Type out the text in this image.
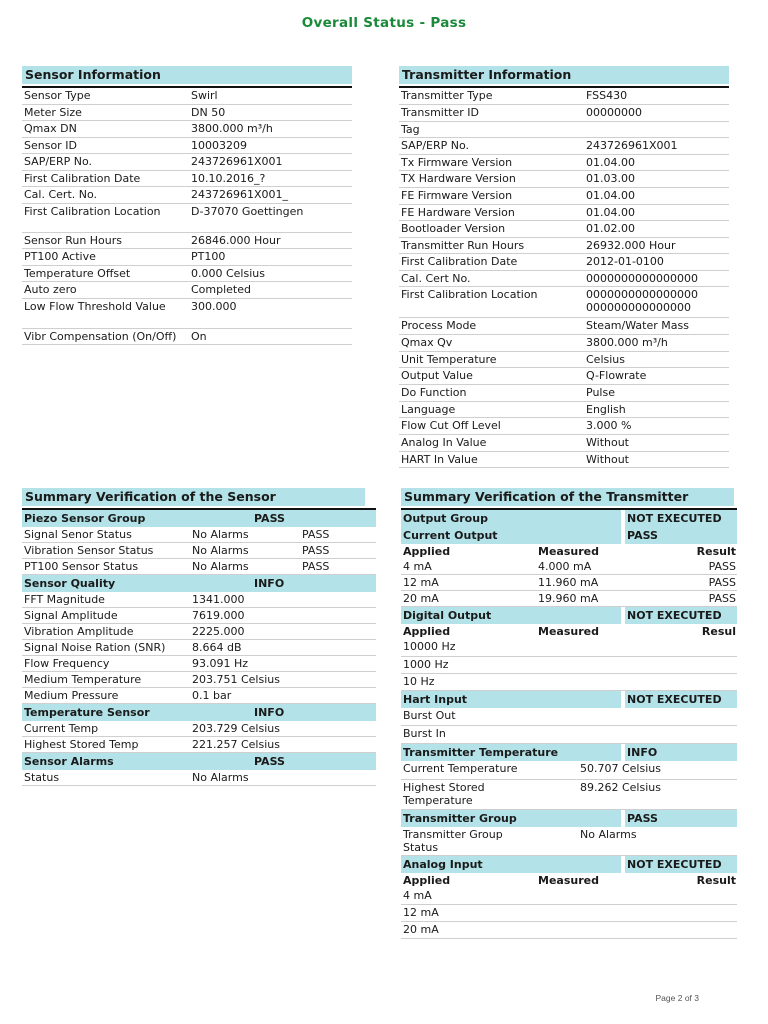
Overall Status - Pass
Sensor Information
Sensor Type	Swirl
Meter Size	DN 50
Qmax DN	3800.000 m³/h
Sensor ID	10003209
SAP/ERP No.	243726961X001
First Calibration Date	10.10.2016_?
Cal. Cert. No.	243726961X001_
First Calibration Location	D-37070 Goettingen
Sensor Run Hours	26846.000 Hour
PT100 Active	PT100
Temperature Offset	0.000 Celsius
Auto zero	Completed
Low Flow Threshold Value	300.000
Vibr Compensation (On/Off)	On
Transmitter Information
Transmitter Type	FSS430
Transmitter ID	00000000
Tag	
SAP/ERP No.	243726961X001
Tx Firmware Version	01.04.00
TX Hardware Version	01.03.00
FE Firmware Version	01.04.00
FE Hardware Version	01.04.00
Bootloader Version	01.02.00
Transmitter Run Hours	26932.000 Hour
First Calibration Date	2012-01-0100
Cal. Cert No.	0000000000000000
First Calibration Location	0000000000000000 000000000000000
Process Mode	Steam/Water Mass
Qmax Qv	3800.000 m³/h
Unit Temperature	Celsius
Output Value	Q-Flowrate
Do Function	Pulse
Language	English
Flow Cut Off Level	3.000 %
Analog In Value	Without
HART In Value	Without
Summary Verification of the Sensor
Piezo Sensor Group		PASS	
Signal Senor Status	No Alarms		PASS
Vibration Sensor Status	No Alarms		PASS
PT100 Sensor Status	No Alarms		PASS
Sensor Quality		INFO	
FFT Magnitude	1341.000		
Signal Amplitude	7619.000		
Vibration Amplitude	2225.000		
Signal Noise Ration (SNR)	8.664 dB		
Flow Frequency	93.091 Hz		
Medium Temperature	203.751 Celsius		
Medium Pressure	0.1 bar		
Temperature Sensor		INFO	
Current Temp	203.729 Celsius		
Highest Stored Temp	221.257 Celsius		
Sensor Alarms		PASS	
Status	No Alarms		
Summary Verification of the Transmitter
Output Group			NOT EXECUTED
Current Output			PASS
Applied	Measured	Result	
4 mA	4.000 mA	PASS	
12 mA	11.960 mA	PASS	
20 mA	19.960 mA	PASS	
Digital Output			NOT EXECUTED
Applied	Measured	Resul	
10000 Hz			
1000 Hz			
10 Hz			
Hart Input			NOT EXECUTED
Burst Out			
Burst In			
Transmitter Temperature			INFO
Current Temperature	50.707 Celsius		
Highest Stored Temperature	89.262 Celsius		
Transmitter Group			PASS
Transmitter Group Status	No Alarms		
Analog Input			NOT EXECUTED
Applied	Measured	Result	
4 mA			
12 mA			
20 mA			
Page 2 of 3
